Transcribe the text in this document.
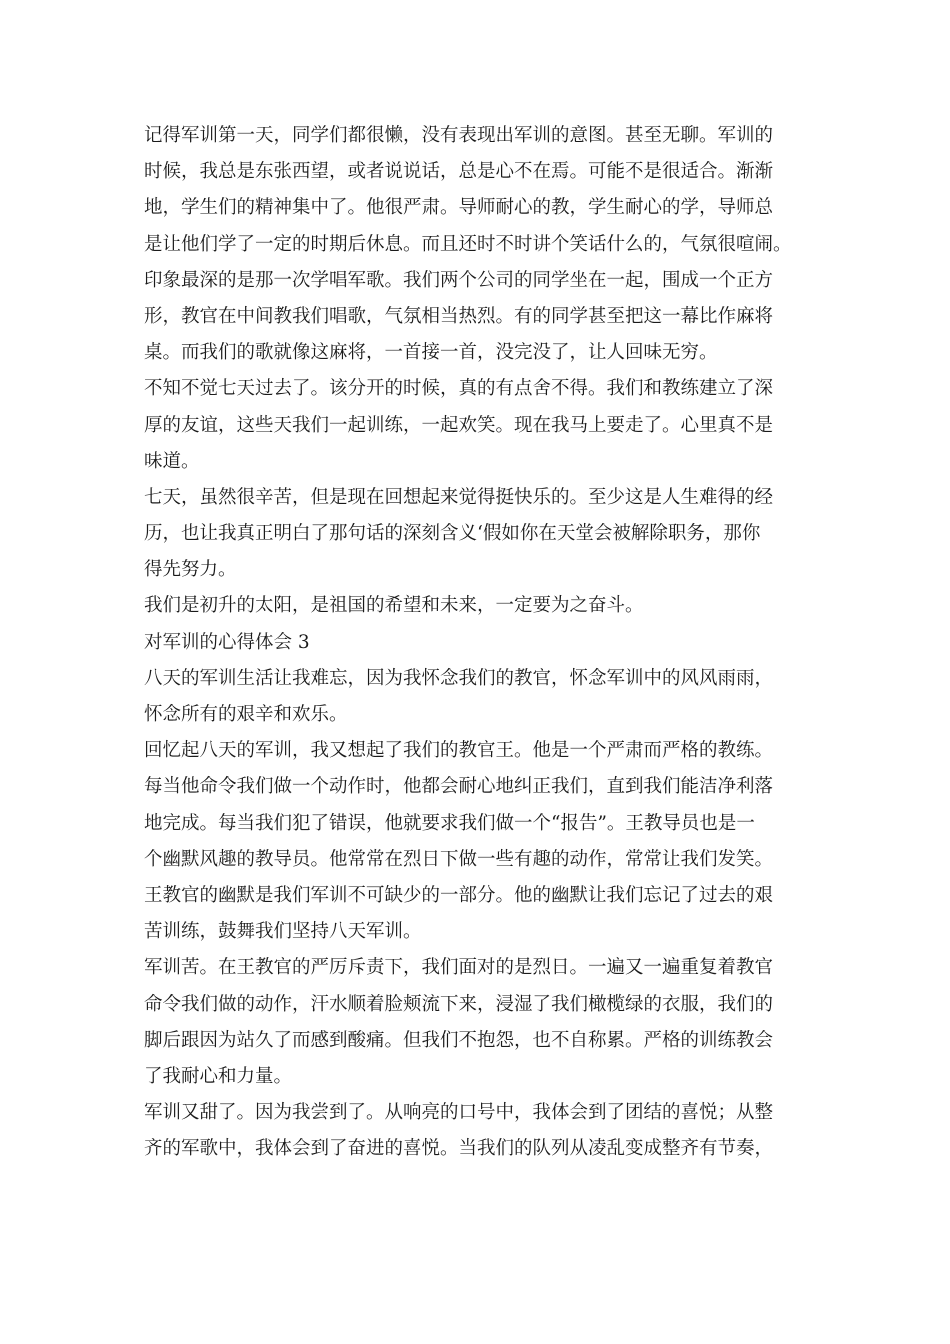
记得军训第一天，同学们都很懒，没有表现出军训的意图。甚至无聊。军训的
时候，我总是东张西望，或者说说话，总是心不在焉。可能不是很适合。渐渐
地，学生们的精神集中了。他很严肃。导师耐心的教，学生耐心的学，导师总
是让他们学了一定的时期后休息。而且还时不时讲个笑话什么的，气氛很喧闹。
印象最深的是那一次学唱军歌。我们两个公司的同学坐在一起，围成一个正方
形，教官在中间教我们唱歌，气氛相当热烈。有的同学甚至把这一幕比作麻将
桌。而我们的歌就像这麻将，一首接一首，没完没了，让人回味无穷。
不知不觉七天过去了。该分开的时候，真的有点舍不得。我们和教练建立了深
厚的友谊，这些天我们一起训练，一起欢笑。现在我马上要走了。心里真不是
味道。
七天，虽然很辛苦，但是现在回想起来觉得挺快乐的。至少这是人生难得的经
历，也让我真正明白了那句话的深刻含义‘假如你在天堂会被解除职务，那你
得先努力。
我们是初升的太阳，是祖国的希望和未来，一定要为之奋斗。
对军训的心得体会 3
八天的军训生活让我难忘，因为我怀念我们的教官，怀念军训中的风风雨雨，
怀念所有的艰辛和欢乐。
回忆起八天的军训，我又想起了我们的教官王。他是一个严肃而严格的教练。
每当他命令我们做一个动作时，他都会耐心地纠正我们，直到我们能洁净利落
地完成。每当我们犯了错误，他就要求我们做一个“报告”。王教导员也是一
个幽默风趣的教导员。他常常在烈日下做一些有趣的动作，常常让我们发笑。
王教官的幽默是我们军训不可缺少的一部分。他的幽默让我们忘记了过去的艰
苦训练，鼓舞我们坚持八天军训。
军训苦。在王教官的严厉斥责下，我们面对的是烈日。一遍又一遍重复着教官
命令我们做的动作，汗水顺着脸颊流下来，浸湿了我们橄榄绿的衣服，我们的
脚后跟因为站久了而感到酸痛。但我们不抱怨，也不自称累。严格的训练教会
了我耐心和力量。
军训又甜了。因为我尝到了。从响亮的口号中，我体会到了团结的喜悦；从整
齐的军歌中，我体会到了奋进的喜悦。当我们的队列从凌乱变成整齐有节奏，
